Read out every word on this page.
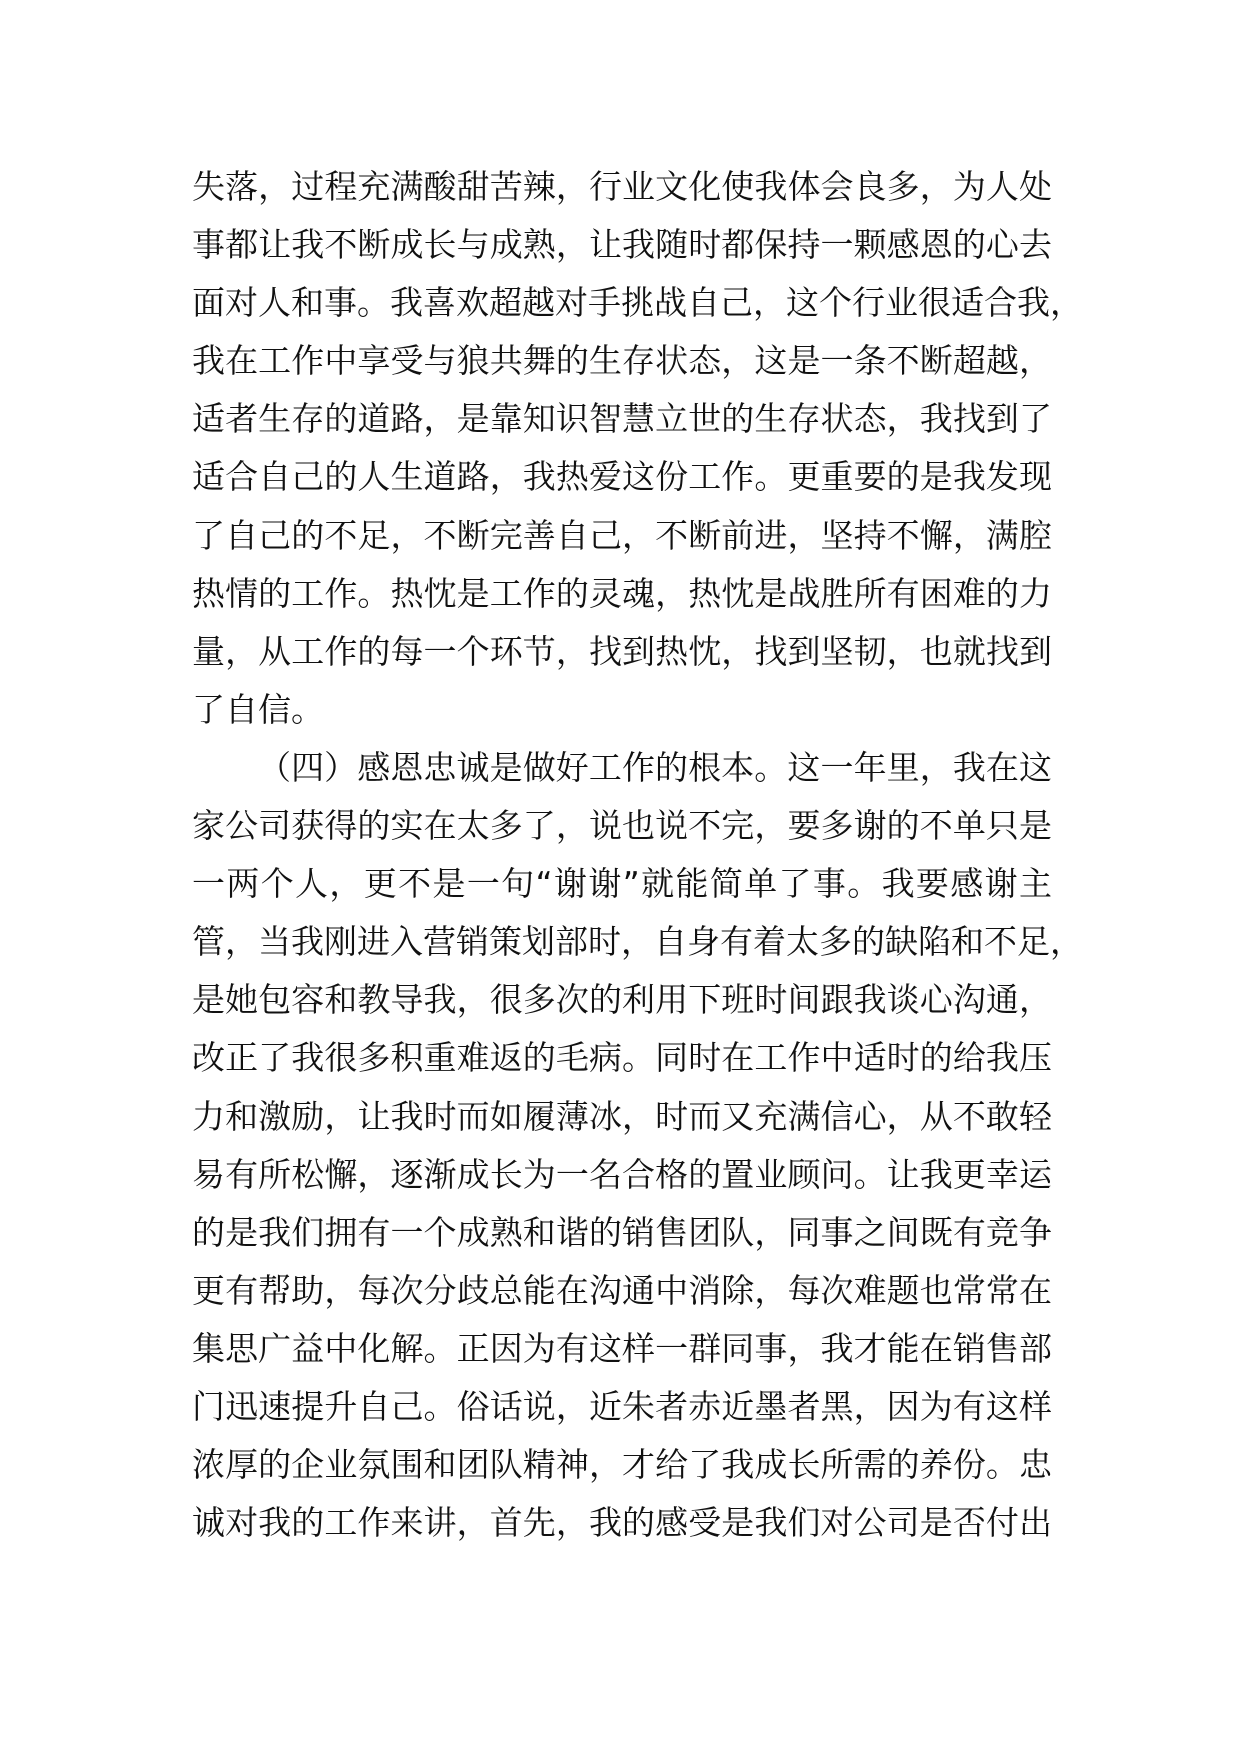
失落，过程充满酸甜苦辣，行业文化使我体会良多，为人处
事都让我不断成长与成熟，让我随时都保持一颗感恩的心去
面对人和事。我喜欢超越对手挑战自己，这个行业很适合我，
我在工作中享受与狼共舞的生存状态，这是一条不断超越，
适者生存的道路，是靠知识智慧立世的生存状态，我找到了
适合自己的人生道路，我热爱这份工作。更重要的是我发现
了自己的不足，不断完善自己，不断前进，坚持不懈，满腔
热情的工作。热忱是工作的灵魂，热忱是战胜所有困难的力
量，从工作的每一个环节，找到热忱，找到坚韧，也就找到
了自信。
（四）感恩忠诚是做好工作的根本。这一年里，我在这
家公司获得的实在太多了，说也说不完，要多谢的不单只是
一两个人，更不是一句“谢谢”就能简单了事。我要感谢主
管，当我刚进入营销策划部时，自身有着太多的缺陷和不足，
是她包容和教导我，很多次的利用下班时间跟我谈心沟通，
改正了我很多积重难返的毛病。同时在工作中适时的给我压
力和激励，让我时而如履薄冰，时而又充满信心，从不敢轻
易有所松懈，逐渐成长为一名合格的置业顾问。让我更幸运
的是我们拥有一个成熟和谐的销售团队，同事之间既有竞争
更有帮助，每次分歧总能在沟通中消除，每次难题也常常在
集思广益中化解。正因为有这样一群同事，我才能在销售部
门迅速提升自己。俗话说，近朱者赤近墨者黑，因为有这样
浓厚的企业氛围和团队精神，才给了我成长所需的养份。忠
诚对我的工作来讲，首先，我的感受是我们对公司是否付出
